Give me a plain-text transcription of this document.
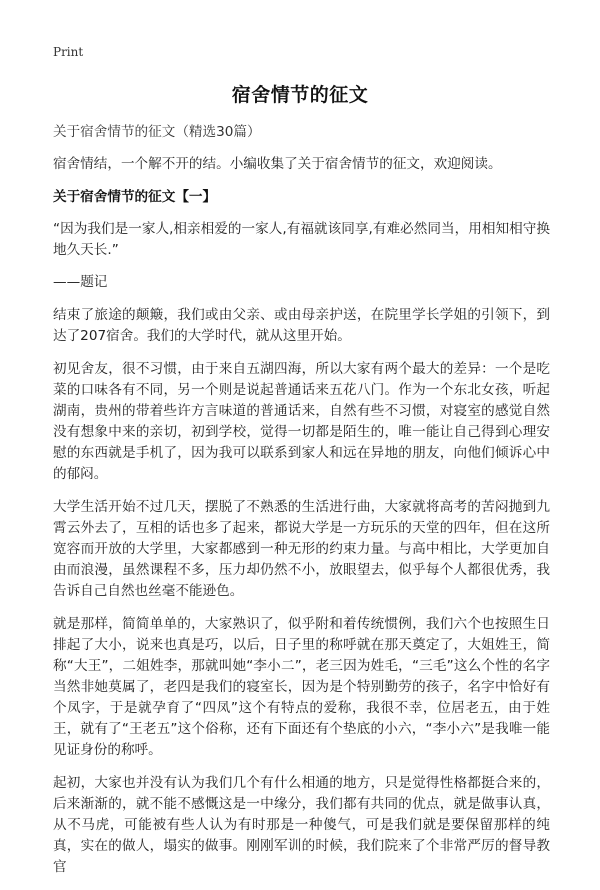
Print
宿舍情节的征文

关于宿舍情节的征文（精选30篇）

宿舍情结，一个解不开的结。小编收集了关于宿舍情节的征文，欢迎阅读。

关于宿舍情节的征文【一】

“因为我们是一家人,相亲相爱的一家人,有福就该同享,有难必然同当，用相知相守换地久天长.”

——题记

结束了旅途的颠簸，我们或由父亲、或由母亲护送，在院里学长学姐的引领下，到达了207宿舍。我们的大学时代，就从这里开始。

初见舍友，很不习惯，由于来自五湖四海，所以大家有两个最大的差异：一个是吃菜的口味各有不同，另一个则是说起普通话来五花八门。作为一个东北女孩，听起湖南，贵州的带着些许方言味道的普通话来，自然有些不习惯，对寝室的感觉自然没有想象中来的亲切，初到学校，觉得一切都是陌生的，唯一能让自己得到心理安慰的东西就是手机了，因为我可以联系到家人和远在异地的朋友，向他们倾诉心中的郁闷。

大学生活开始不过几天，摆脱了不熟悉的生活进行曲，大家就将高考的苦闷抛到九霄云外去了，互相的话也多了起来，都说大学是一方玩乐的天堂的四年，但在这所宽容而开放的大学里，大家都感到一种无形的约束力量。与高中相比，大学更加自由而浪漫，虽然课程不多，压力却仍然不小，放眼望去，似乎每个人都很优秀，我告诉自己自然也丝毫不能逊色。

就是那样，简简单单的，大家熟识了，似乎附和着传统惯例，我们六个也按照生日排起了大小，说来也真是巧，以后，日子里的称呼就在那天奠定了，大姐姓王，简称“大王”，二姐姓李，那就叫她“李小二”，老三因为姓毛，“三毛”这么个性的名字当然非她莫属了，老四是我们的寝室长，因为是个特别勤劳的孩子，名字中恰好有个凤字，于是就孕育了“四凤”这个有特点的爱称，我很不幸，位居老五，由于姓王，就有了“王老五”这个俗称，还有下面还有个垫底的小六，“李小六”是我唯一能见证身份的称呼。

起初，大家也并没有认为我们几个有什么相通的地方，只是觉得性格都挺合来的，后来渐渐的，就不能不感慨这是一中缘分，我们都有共同的优点，就是做事认真，从不马虎，可能被有些人认为有时那是一种傻气，可是我们就是要保留那样的纯真，实在的做人，塌实的做事。刚刚军训的时候，我们院来了个非常严厉的督导教官
